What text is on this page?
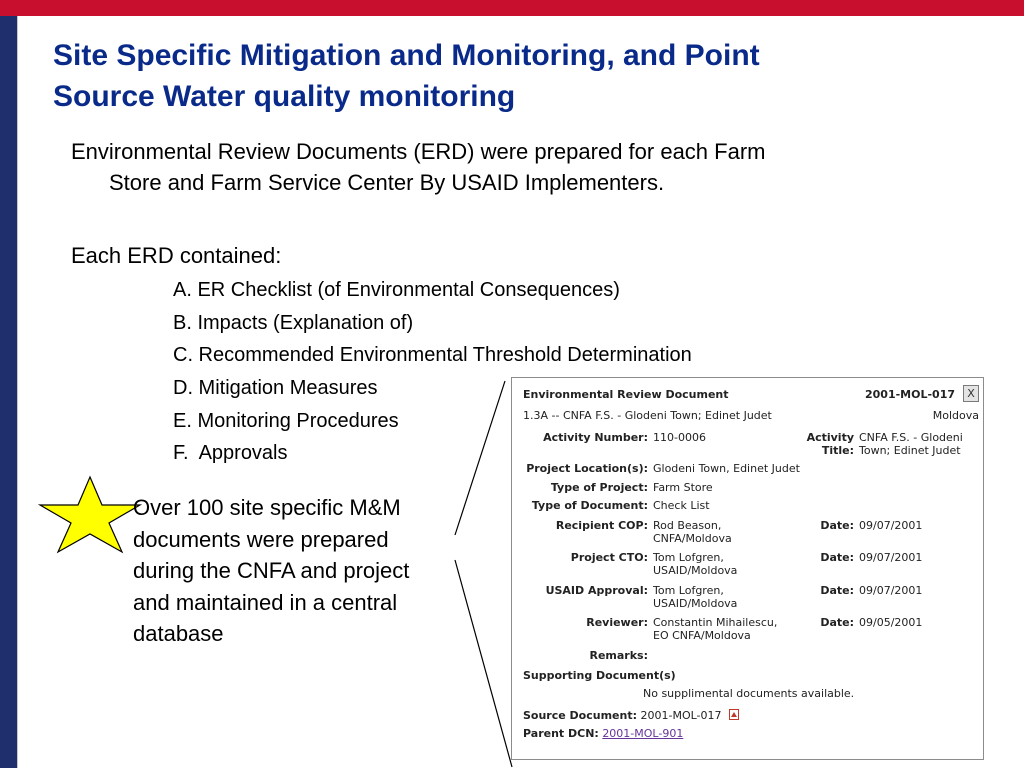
Site Specific Mitigation and Monitoring, and Point
Source Water quality monitoring

Environmental Review Documents (ERD) were prepared for each Farm
Store and Farm Service Center By USAID Implementers.

Each ERD contained:

A. ER Checklist (of Environmental Consequences)
B. Impacts (Explanation of)
C. Recommended Environmental Threshold Determination
D. Mitigation Measures
E. Monitoring Procedures
F.  Approvals

Over 100 site specific M&M
documents were prepared
during the CNFA and project
and maintained in a central
database

Environmental Review Document	2001-MOL-017	X
1.3A -- CNFA F.S. - Glodeni Town; Edinet Judet	Moldova
Activity Number: 110-0006	Activity
Title:
CNFA F.S. - Glodeni
Town; Edinet Judet
Project Location(s): Glodeni Town, Edinet Judet
Type of Project: Farm Store
Type of Document: Check List
Recipient COP: Rod Beason,
CNFA/Moldova
Date: 09/07/2001
Project CTO: Tom Lofgren,
USAID/Moldova
Date: 09/07/2001
USAID Approval: Tom Lofgren,
USAID/Moldova
Date: 09/07/2001
Reviewer: Constantin Mihailescu,
EO CNFA/Moldova
Date: 09/05/2001
Remarks:
Supporting Document(s)
No supplimental documents available.
Source Document: 2001-MOL-017
Parent DCN: 2001-MOL-901
